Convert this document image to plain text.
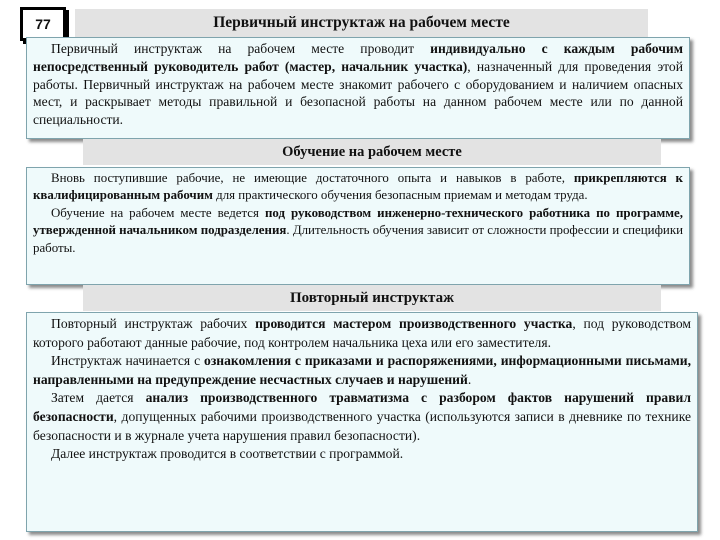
77	Первичный инструктаж на рабочем месте

Первичный инструктаж на рабочем месте проводит индивидуально с каждым рабочим непосредственный руководитель работ (мастер, начальник участка), назначенный для проведения этой работы. Первичный инструктаж на рабочем месте знакомит рабочего с оборудованием и наличием опасных мест, и раскрывает методы правильной и безопасной работы на данном рабочем месте или по данной специальности.

Обучение на рабочем месте

Вновь поступившие рабочие, не имеющие достаточного опыта и навыков в работе, прикрепляются к квалифицированным рабочим для практического обучения безопасным приемам и методам труда.

Обучение на рабочем месте ведется под руководством инженерно-технического работника по программе, утвержденной начальником подразделения. Длительность обучения зависит от сложности профессии и специфики работы.

Повторный инструктаж

Повторный инструктаж рабочих проводится мастером производственного участка, под руководством которого работают данные рабочие, под контролем начальника цеха или его заместителя.

Инструктаж начинается с ознакомления с приказами и распоряжениями, информационными письмами, направленными на предупреждение несчастных случаев и нарушений.

Затем дается анализ производственного травматизма с разбором фактов нарушений правил безопасности, допущенных рабочими производственного участка (используются записи в дневнике по технике безопасности и в журнале учета нарушения правил безопасности).

Далее инструктаж проводится в соответствии с программой.
